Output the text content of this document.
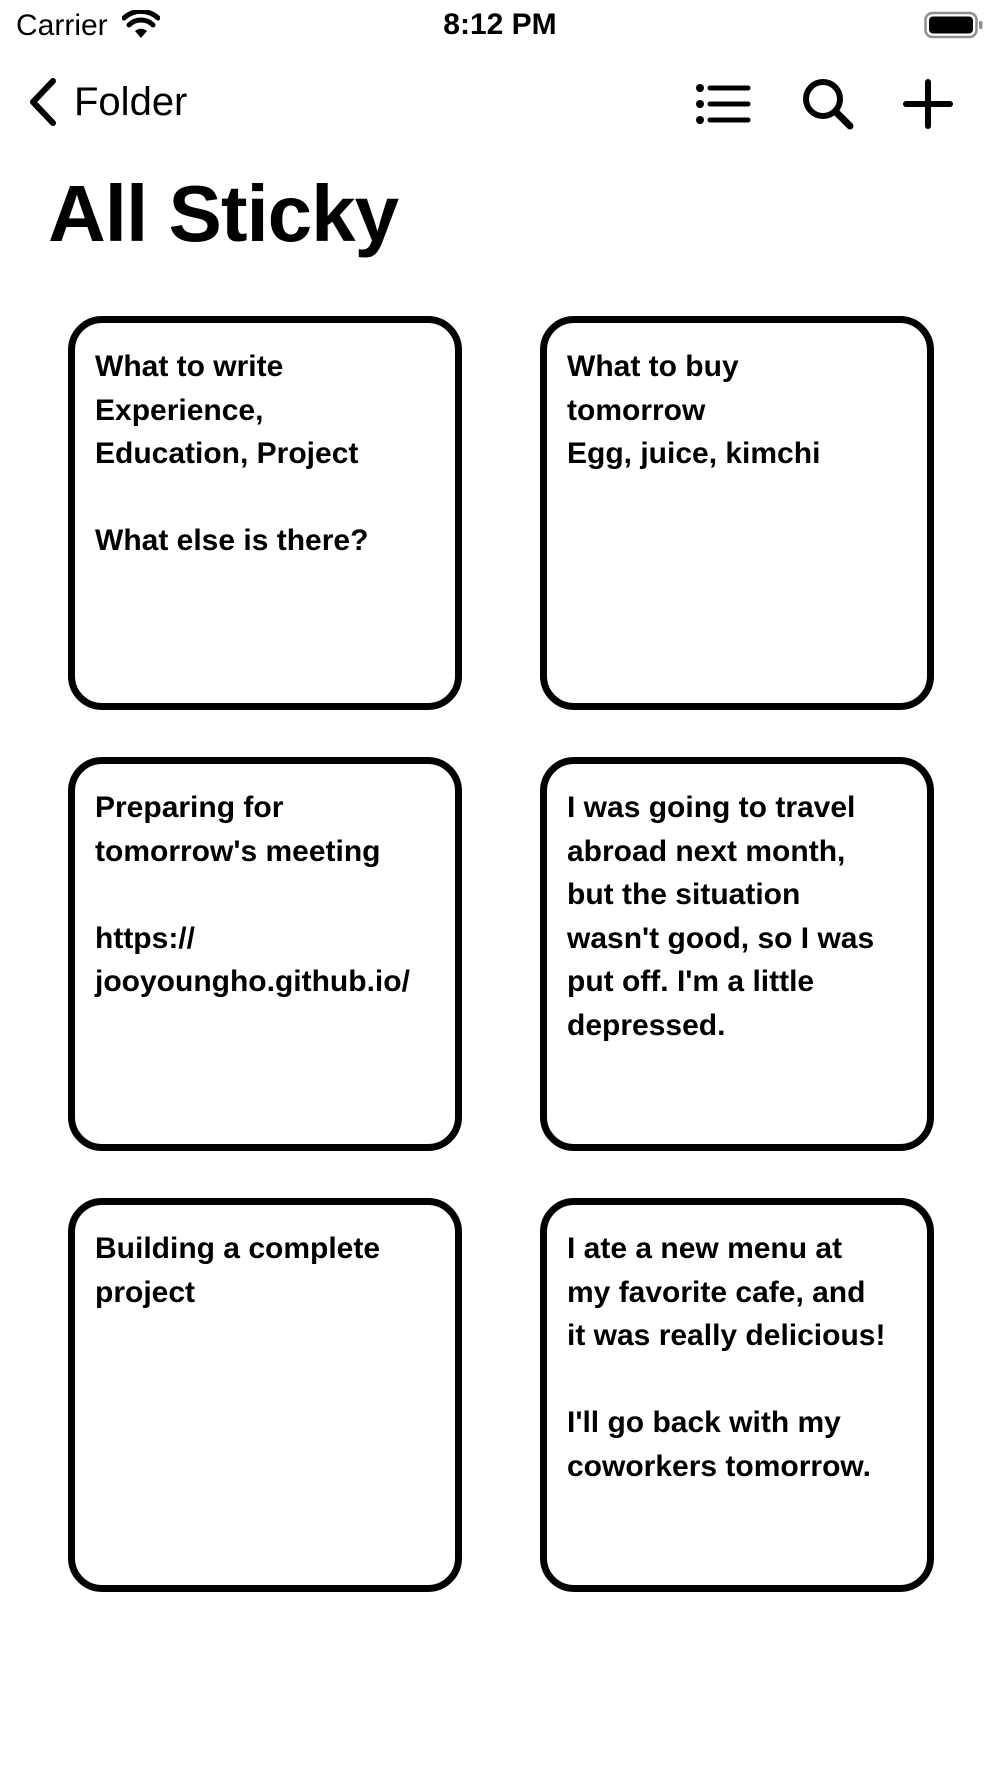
Carrier	8:12 PM
Folder
All Sticky
What to write
Experience,
Education, Project

What else is there?
What to buy
tomorrow
Egg, juice, kimchi
Preparing for
tomorrow's meeting

https://
jooyoungho.github.io/
I was going to travel
abroad next month,
but the situation
wasn't good, so I was
put off. I'm a little
depressed.
Building a complete
project
I ate a new menu at
my favorite cafe, and
it was really delicious!

I'll go back with my
coworkers tomorrow.
